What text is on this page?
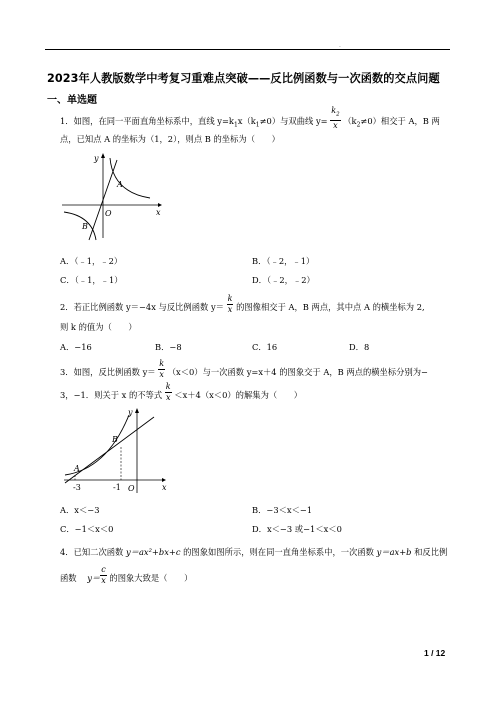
.
2023年人教版数学中考复习重难点突破——反比例函数与一次函数的交点问题
一、单选题
1．如图，在同一平面直角坐标系中，直线 $y=k_1x(k_1\ne 0)$与双曲线 $y= \frac{k_2}{x} (k_2\ne 0)$相交于 A，B 两
点，已知点 A 的坐标为（1，2），则点 B 的坐标为（　　）
y
x
O
A
B
A．（﹣1，﹣2）	B．（﹣2，﹣1）
C．（﹣1，﹣1）	D．（﹣2，﹣2）
2．若正比例函数 y＝−4x 与反比例函数 $y= \frac{k}{x}$ 的图像相交于 A，B 两点，其中点 A 的横坐标为 2,
则 k 的值为（　　）
A．−16	B．−8	C．16	D．8
3．如图，反比例函数 $y= \frac{k}{x} (x<0)$与一次函数 y=x＋4 的图象交于 A，B 两点的横坐标分别为−
3，−1．则关于 x 的不等式 $\frac{k}{x} <x+4(x<0)$的解集为（　　）
y
x
O
A
B
-3	-1
A．x＜−3	B．−3＜x＜−1
C．−1＜x＜0	D．x＜−3 或−1＜x＜0
4．已知二次函数 y＝ax²+bx+c 的图象如图所示，则在同一直角坐标系中，一次函数 y＝ax+b 和反比例
函数 $y= \frac{c}{x}$ 的图象大致是（　　）
1 / 12
